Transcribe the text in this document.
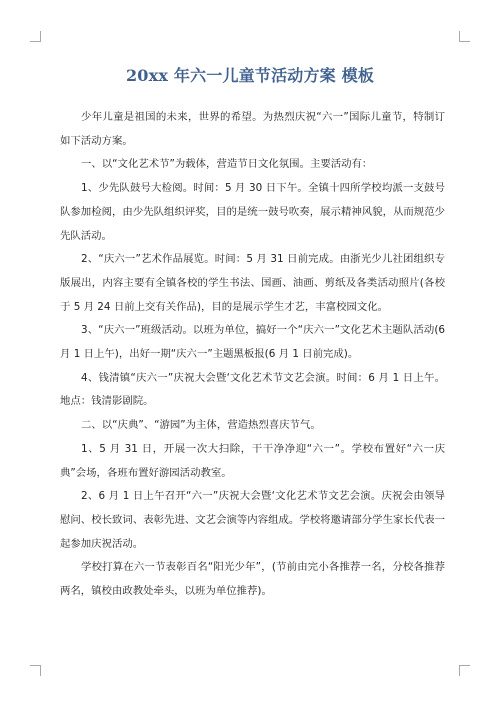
20xx 年六一儿童节活动方案 模板

少年儿童是祖国的未来，世界的希望。为热烈庆祝“六一”国际儿童节，特制订如下活动方案。

一、以“文化艺术节”为载体，营造节日文化氛围。主要活动有：

1、少先队鼓号大检阅。时间：5 月 30 日下午。全镇十四所学校均派一支鼓号队参加检阅，由少先队组织评奖，目的是统一鼓号吹奏，展示精神风貌，从而规范少先队活动。

2、“庆六一”艺术作品展览。时间：5 月 31 日前完成。由浙光少儿社团组织专版展出，内容主要有全镇各校的学生书法、国画、油画、剪纸及各类活动照片(各校于 5 月 24 日前上交有关作品)，目的是展示学生才艺，丰富校园文化。

3、“庆六一”班级活动。以班为单位，搞好一个“庆六一”文化艺术主题队活动(6 月 1 日上午)，出好一期“庆六一”主题黑板报(6 月 1 日前完成)。

4、钱清镇“庆六一”庆祝大会暨‘文化艺术节文艺会演。时间：6 月 1 日上午。地点：钱清影剧院。

二、以“庆典”、“游园”为主体，营造热烈喜庆节气。

1、5 月 31 日，开展一次大扫除，干干净净迎“六一”。学校布置好“六一庆典”会场，各班布置好游园活动教室。

2、6 月 1 日上午召开“六一”庆祝大会暨‘文化艺术节文艺会演。庆祝会由领导慰问、校长致词、表彰先进、文艺会演等内容组成。学校将邀请部分学生家长代表一起参加庆祝活动。

学校打算在六一节表彰百名“阳光少年”，(节前由完小各推荐一名，分校各推荐两名，镇校由政教处牵头，以班为单位推荐)。
